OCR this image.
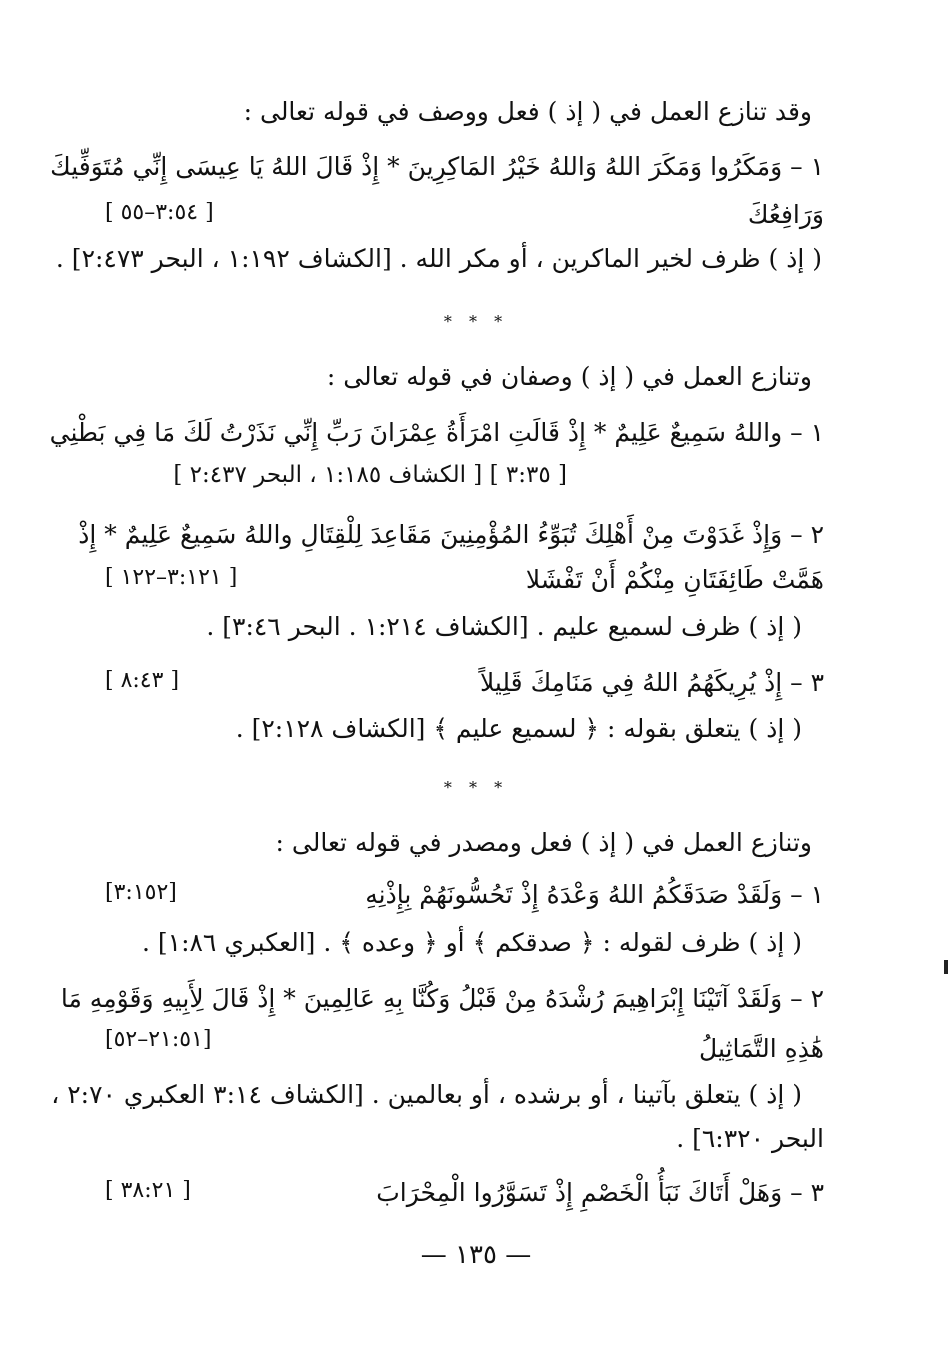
وقد تنازع العمل في ( إذ ) فعل ووصف في قوله تعالى :
١ – وَمَكَرُوا وَمَكَرَ اللهُ وَاللهُ خَيْرُ المَاكِرِينَ * إِذْ قَالَ اللهُ يَا عِيسَى إِنِّي مُتَوَفِّيكَ
[ ٣:٥٤–٥٥ ]	وَرَافِعُكَ
( إذ ) ظرف لخير الماكرين ، أو مكر الله . [الكشاف ١:١٩٢ ، البحر ٢:٤٧٣] .
* * *
وتنازع العمل في ( إذ ) وصفان في قوله تعالى :
١ – واللهُ سَمِيعٌ عَلِيمٌ * إِذْ قَالَتِ امْرَأَةُ عِمْرَانَ رَبِّ إِنِّي نَذَرْتُ لَكَ مَا فِي بَطْنِي
[ ٣:٣٥ ] [ الكشاف ١:١٨٥ ، البحر ٢:٤٣٧ ]
٢ – وَإِذْ غَدَوْتَ مِنْ أَهْلِكَ تُبَوِّءُ المُؤْمِنِينَ مَقَاعِدَ لِلْقِتَالِ واللهُ سَمِيعٌ عَلِيمٌ * إِذْ
[ ٣:١٢١–١٢٢ ]	هَمَّتْ طَائِفَتَانِ مِنْكُمْ أَنْ تَفْشَلا
( إذ ) ظرف لسميع عليم . [الكشاف ١:٢١٤ . البحر ٣:٤٦] .
[ ٨:٤٣ ]	٣ – إِذْ يُرِيكَهُمُ اللهُ فِي مَنَامِكَ قَلِيلاً
( إذ ) يتعلق بقوله : ﴿ لسميع عليم ﴾ [الكشاف ٢:١٢٨] .
* * *
وتنازع العمل في ( إذ ) فعل ومصدر في قوله تعالى :
[٣:١٥٢]	١ – وَلَقَدْ صَدَقَكُمُ اللهُ وَعْدَهُ إِذْ تَحُسُّونَهُمْ بِإِذْنِهِ
( إذ ) ظرف لقوله : ﴿ صدقكم ﴾ أو ﴿ وعده ﴾ . [العكبري ١:٨٦] .
٢ – وَلَقَدْ آتَيْنَا إِبْرَاهِيمَ رُشْدَهُ مِنْ قَبْلُ وَكُنَّا بِهِ عَالِمِينَ * إِذْ قَالَ لِأَبِيهِ وَقَوْمِهِ مَا
[٢١:٥١–٥٢]	هَٰذِهِ التَّمَاثِيلُ
( إذ ) يتعلق بآتينا ، أو برشده ، أو بعالمين . [الكشاف ٣:١٤ العكبري ٢:٧٠ ،
البحر ٦:٣٢٠] .
[ ٣٨:٢١ ]	٣ – وَهَلْ أَتَاكَ نَبَأُ الْخَصْمِ إِذْ تَسَوَّرُوا الْمِحْرَابَ
— ١٣٥ —
